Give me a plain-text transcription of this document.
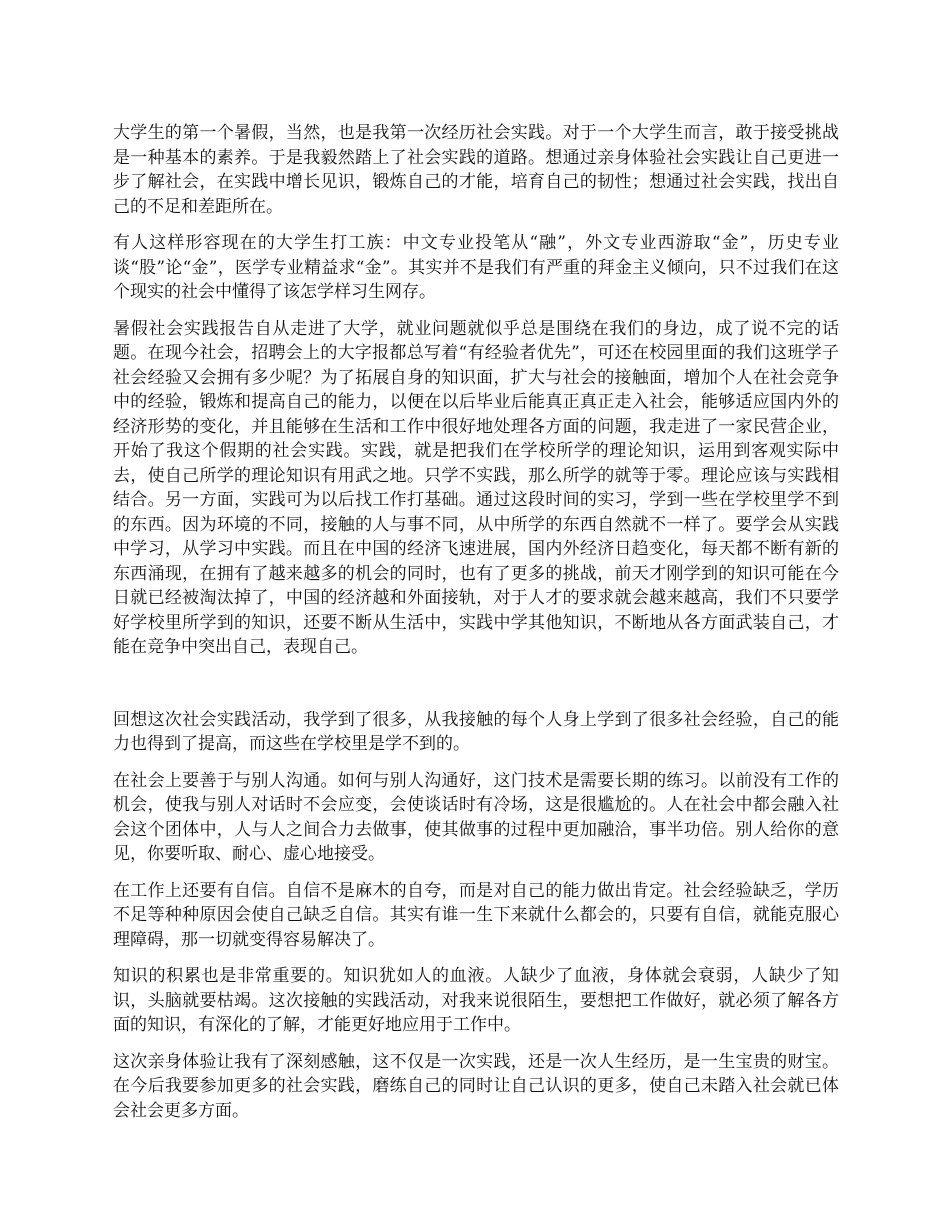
大学生的第一个暑假，当然，也是我第一次经历社会实践。对于一个大学生而言，敢于接受挑战是一种基本的素养。于是我毅然踏上了社会实践的道路。想通过亲身体验社会实践让自己更进一步了解社会，在实践中增长见识，锻炼自己的才能，培育自己的韧性；想通过社会实践，找出自己的不足和差距所在。

有人这样形容现在的大学生打工族：中文专业投笔从“融”，外文专业西游取“金”，历史专业谈“股”论“金”，医学专业精益求“金”。其实并不是我们有严重的拜金主义倾向，只不过我们在这个现实的社会中懂得了该怎学样习生网存。

暑假社会实践报告自从走进了大学，就业问题就似乎总是围绕在我们的身边，成了说不完的话题。在现今社会，招聘会上的大字报都总写着“有经验者优先”，可还在校园里面的我们这班学子社会经验又会拥有多少呢？为了拓展自身的知识面，扩大与社会的接触面，增加个人在社会竞争中的经验，锻炼和提高自己的能力，以便在以后毕业后能真正真正走入社会，能够适应国内外的经济形势的变化，并且能够在生活和工作中很好地处理各方面的问题，我走进了一家民营企业，开始了我这个假期的社会实践。实践，就是把我们在学校所学的理论知识，运用到客观实际中去，使自己所学的理论知识有用武之地。只学不实践，那么所学的就等于零。理论应该与实践相结合。另一方面，实践可为以后找工作打基础。通过这段时间的实习，学到一些在学校里学不到的东西。因为环境的不同，接触的人与事不同，从中所学的东西自然就不一样了。要学会从实践中学习，从学习中实践。而且在中国的经济飞速进展，国内外经济日趋变化，每天都不断有新的东西涌现，在拥有了越来越多的机会的同时，也有了更多的挑战，前天才刚学到的知识可能在今日就已经被淘汰掉了，中国的经济越和外面接轨，对于人才的要求就会越来越高，我们不只要学好学校里所学到的知识，还要不断从生活中，实践中学其他知识，不断地从各方面武装自己，才能在竞争中突出自己，表现自己。

回想这次社会实践活动，我学到了很多，从我接触的每个人身上学到了很多社会经验，自己的能力也得到了提高，而这些在学校里是学不到的。

在社会上要善于与别人沟通。如何与别人沟通好，这门技术是需要长期的练习。以前没有工作的机会，使我与别人对话时不会应变，会使谈话时有冷场，这是很尴尬的。人在社会中都会融入社会这个团体中，人与人之间合力去做事，使其做事的过程中更加融洽，事半功倍。别人给你的意见，你要听取、耐心、虚心地接受。

在工作上还要有自信。自信不是麻木的自夸，而是对自己的能力做出肯定。社会经验缺乏，学历不足等种种原因会使自己缺乏自信。其实有谁一生下来就什么都会的，只要有自信，就能克服心理障碍，那一切就变得容易解决了。

知识的积累也是非常重要的。知识犹如人的血液。人缺少了血液，身体就会衰弱，人缺少了知识，头脑就要枯竭。这次接触的实践活动，对我来说很陌生，要想把工作做好，就必须了解各方面的知识，有深化的了解，才能更好地应用于工作中。

这次亲身体验让我有了深刻感触，这不仅是一次实践，还是一次人生经历，是一生宝贵的财宝。在今后我要参加更多的社会实践，磨练自己的同时让自己认识的更多，使自己未踏入社会就已体会社会更多方面。
